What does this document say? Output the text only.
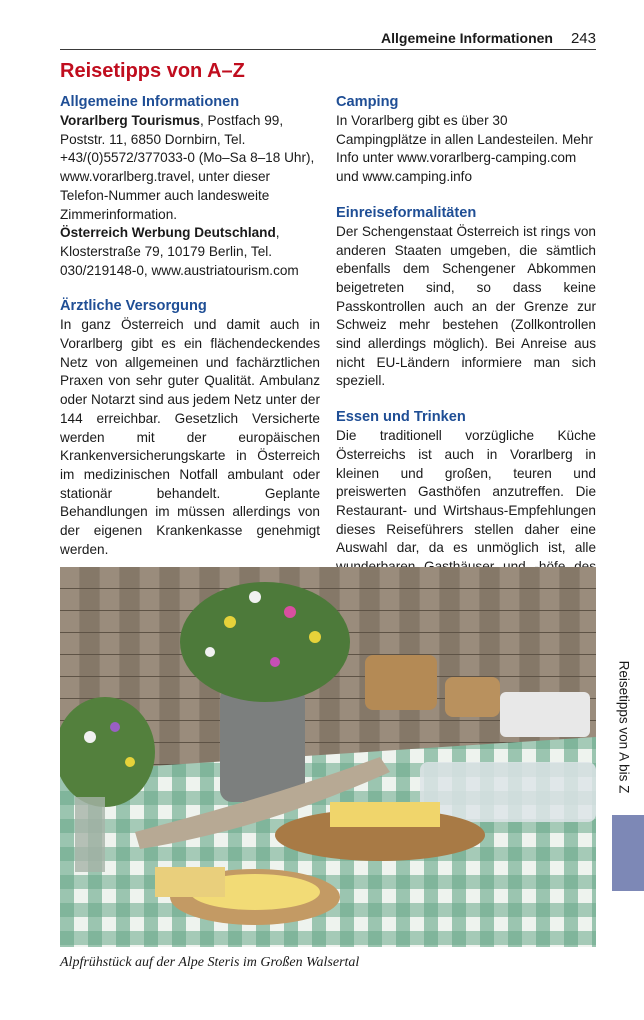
Allgemeine Informationen 243
Reisetipps von A–Z
Allgemeine Informationen

Vorarlberg Tourismus, Postfach 99, Poststr. 11, 6850 Dornbirn, Tel. +43/(0)5572/377033-0 (Mo–Sa 8–18 Uhr), www.vorarlberg.travel, unter dieser Telefon-Nummer auch landesweite Zimmerinformation.

Österreich Werbung Deutschland, Klosterstraße 79, 10179 Berlin, Tel. 030/219148-0, www.austriatourism.com

Ärztliche Versorgung

In ganz Österreich und damit auch in Vorarlberg gibt es ein flächendeckendes Netz von allgemeinen und fachärztlichen Praxen von sehr guter Qualität. Ambulanz oder Notarzt sind aus jedem Netz unter der 144 erreichbar. Gesetzlich Versicherte werden mit der europäischen Krankenversicherungskarte in Österreich im medizinischen Notfall ambulant oder stationär behandelt. Geplante Behandlungen im müssen allerdings von der eigenen Krankenkasse genehmigt werden.

Camping

In Vorarlberg gibt es über 30 Campingplätze in allen Landesteilen. Mehr Info unter www.vorarlberg-camping.com und www.camping.info

Einreiseformalitäten

Der Schengenstaat Österreich ist rings von anderen Staaten umgeben, die sämtlich ebenfalls dem Schengener Abkommen beigetreten sind, so dass keine Passkontrollen auch an der Grenze zur Schweiz mehr bestehen (Zollkontrollen sind allerdings möglich). Bei Anreise aus nicht EU-Ländern informiere man sich speziell.

Essen und Trinken

Die traditionell vorzügliche Küche Österreichs ist auch in Vorarlberg in kleinen und großen, teuren und preiswerten Gasthöfen anzutreffen. Die Restaurant- und Wirtshaus-Empfehlungen dieses Reiseführers stellen daher eine Auswahl dar, da es unmöglich ist, alle

Alpfrühstück auf der Alpe Steris im Großen Walsertal
Reisetipps von A bis Z
